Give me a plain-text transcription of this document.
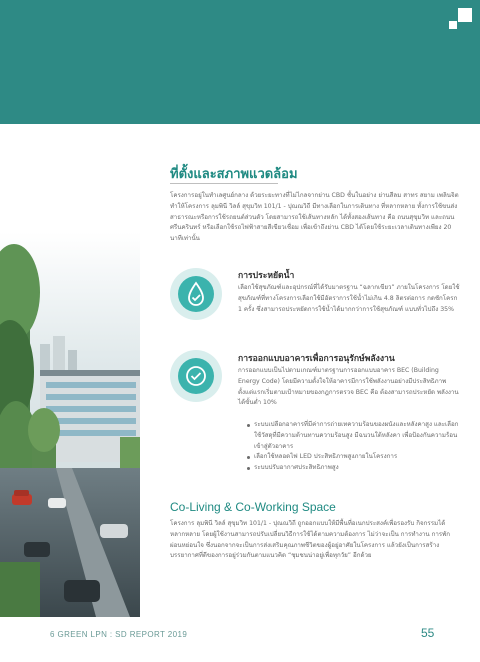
ที่ตั้งและสภาพแวดล้อม

โครงการอยู่ในทำเลศูนย์กลาง ด้วยระยะทางที่ไม่ไกลจากย่าน CBD ชั้นในอย่าง ย่านสีลม สาทร สยาม เพลินจิต ทำให้โครงการ ลุมพินี วิลล์ สุขุมวิท 101/1 - ปุณณวิถี มีทางเลือกในการเดินทาง ที่หลากหลาย ทั้งการใช้ขนส่งสาธารณะหรือการใช้รถยนต์ส่วนตัว โดยสามารถใช้เส้นทางหลัก ได้ทั้งสองเส้นทาง คือ ถนนสุขุมวิท และถนนศรีนครินทร์ หรือเลือกใช้รถไฟฟ้าสายสีเขียวเชื่อม เพื่อเข้าถึงย่าน CBD ได้โดยใช้ระยะเวลาเดินทางเพียง 20 นาทีเท่านั้น

การประหยัดน้ำ

เลือกใช้สุขภัณฑ์และอุปกรณ์ที่ได้รับมาตรฐาน “ฉลากเขียว” ภายในโครงการ โดยใช้สุขภัณฑ์ที่ทางโครงการเลือกใช้มีอัตราการใช้น้ำไม่เกิน 4.8 ลิตรต่อการ กดชักโครก 1 ครั้ง ซึ่งสามารถประหยัดการใช้น้ำได้มากกว่าการใช้สุขภัณฑ์ แบบทั่วไปถึง 35%

การออกแบบอาคารเพื่อการอนุรักษ์พลังงาน

การออกแบบเป็นไปตามเกณฑ์มาตรฐานการออกแบบอาคาร BEC (Building Energy Code) โดยมีความตั้งใจให้อาคารมีการใช้พลังงานอย่างมีประสิทธิภาพ ตั้งแต่แรกเริ่มตามเป้าหมายของกฎการตรวจ BEC คือ ต้องสามารถประหยัด พลังงานได้ขั้นต่ำ 10%

ระบบเปลือกอาคารที่มีค่าการถ่ายเทความร้อนของผนังและหลังคาสูง และเลือกใช้วัสดุที่มีความต้านทานความร้อนสูง มีฉนวนใต้หลังคา เพื่อป้องกันความร้อนเข้าสู่ตัวอาคาร
เลือกใช้หลอดไฟ LED ประสิทธิภาพสูงภายในโครงการ
ระบบปรับอากาศประสิทธิภาพสูง
Co-Living & Co-Working Space

โครงการ ลุมพินี วิลล์ สุขุมวิท 101/1 - ปุณณวิถี ถูกออกแบบให้มีพื้นที่อเนกประสงค์เพื่อรองรับ กิจกรรมได้หลากหลาย โดยผู้ใช้งานสามารถปรับเปลี่ยนวิธีการใช้ได้ตามความต้องการ ไม่ว่าจะเป็น การทำงาน การพักผ่อนหย่อนใจ ซึ่งนอกจากจะเป็นการส่งเสริมคุณภาพชีวิตของผู้อยู่อาศัยในโครงการ แล้วยังเป็นการสร้างบรรยากาศที่ดีของการอยู่ร่วมกันตามแนวคิด “ชุมชนน่าอยู่เพื่อทุกวัย” อีกด้วย

6 GREEN LPN : SD REPORT 2019	55
